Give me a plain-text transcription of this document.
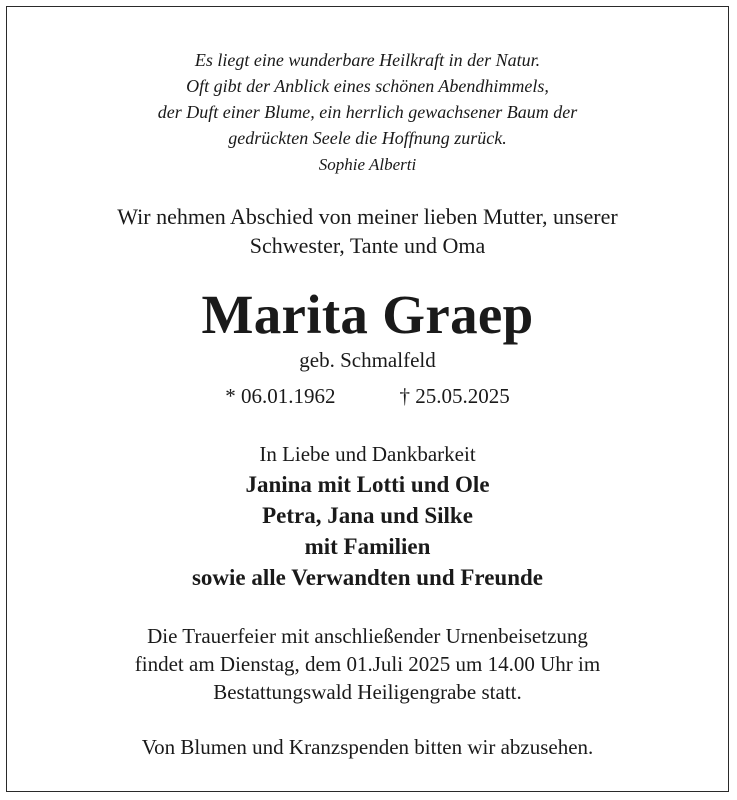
Es liegt eine wunderbare Heilkraft in der Natur.
Oft gibt der Anblick eines schönen Abendhimmels,
der Duft einer Blume, ein herrlich gewachsener Baum der
gedrückten Seele die Hoffnung zurück.
Sophie Alberti
Wir nehmen Abschied von meiner lieben Mutter, unserer
Schwester, Tante und Oma
Marita Graep
geb. Schmalfeld
* 06.01.1962	† 25.05.2025
In Liebe und Dankbarkeit
Janina mit Lotti und Ole
Petra, Jana und Silke
mit Familien
sowie alle Verwandten und Freunde
Die Trauerfeier mit anschließender Urnenbeisetzung
findet am Dienstag, dem 01.Juli 2025 um 14.00 Uhr im
Bestattungswald Heiligengrabe statt.
Von Blumen und Kranzspenden bitten wir abzusehen.
